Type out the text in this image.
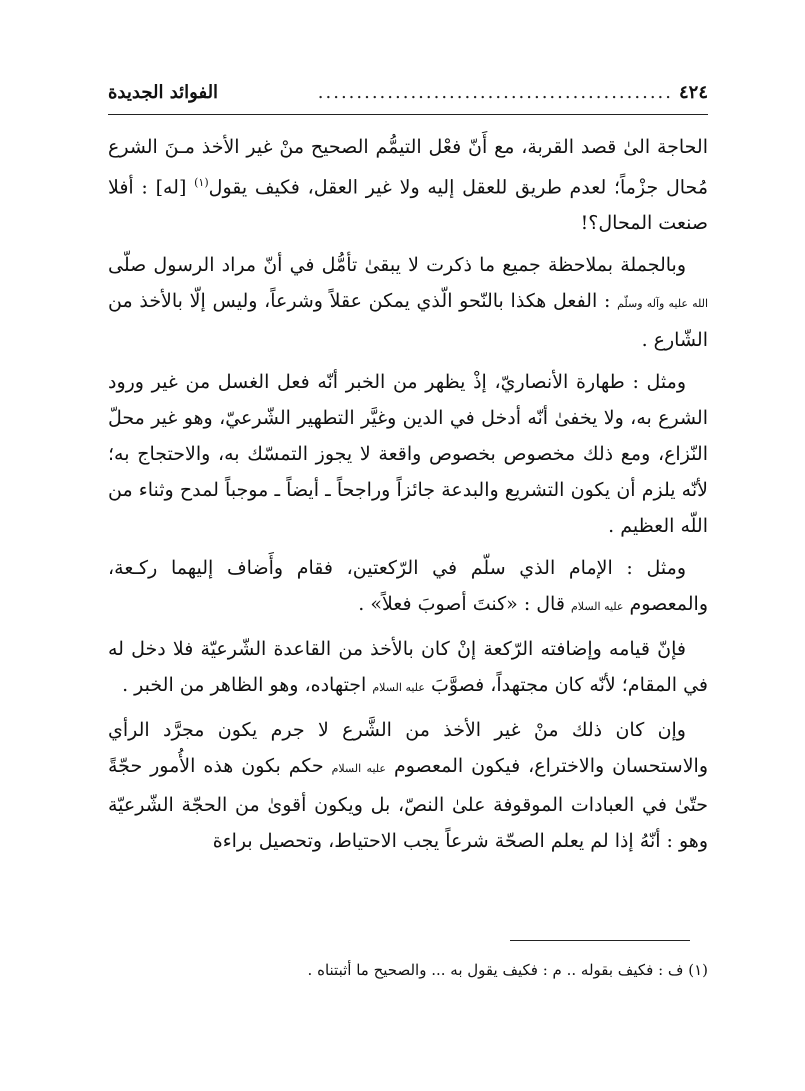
٤٢٤
..............................................
الفوائد الجديدة

الحاجة الىٰ قصد القربة، مع أَنّ فعْل التيمُّم الصحيح منْ غير الأخذ مـنَ الشرع مُحال جزْماً؛ لعدم طريق للعقل إليه ولا غير العقل، فكيف يقول$^{(١)}$ [له] : أفلا صنعت المحال؟!

وبالجملة بملاحظة جميع ما ذكرت لا يبقىٰ تأمُّل في أنّ مراد الرسول صلّى الله عليه وآله وسلّم : الفعل هكذا بالنّحو الّذي يمكن عقلاً وشرعاً، وليس إلّا بالأخذ من الشّارع .

ومثل : طهارة الأنصاريّ، إذْ يظهر من الخبر أنّه فعل الغسل من غير ورود الشرع به، ولا يخفىٰ أنّه أدخل في الدين وغيَّر التطهير الشّرعيّ، وهو غير محلّ النّزاع، ومع ذلك مخصوص بخصوص واقعة لا يجوز التمسّك به، والاحتجاج به؛ لأنّه يلزم أن يكون التشريع والبدعة جائزاً وراجحاً ـ أيضاً ـ موجباً لمدح وثناء من اللّه العظيم .

ومثل : الإمام الذي سلّم في الرّكعتين، فقام وأَضاف إليهما ركـعة، والمعصوم عليه السلام قال : «كنتَ أصوبَ فعلاً» .

فإنّ قيامه وإضافته الرّكعة إنْ كان بالأخذ من القاعدة الشّرعيّة فلا دخل له في المقام؛ لأنّه كان مجتهداً، فصوَّبَ عليه السلام اجتهاده، وهو الظاهر من الخبر .

وإن كان ذلك منْ غير الأخذ من الشَّرع لا جرم يكون مجرَّد الرأي والاستحسان والاختراع، فيكون المعصوم عليه السلام حكم بكون هذه الأُمور حجّةً حتّىٰ في العبادات الموقوفة علىٰ النصّ، بل ويكون أقوىٰ من الحجّة الشّرعيّة وهو : أنّهُ إذا لم يعلم الصحّة شرعاً يجب الاحتياط، وتحصيل براءة

(١) ف : فكيف بقوله .. م : فكيف يقول به ... والصحيح ما أثبتناه .
